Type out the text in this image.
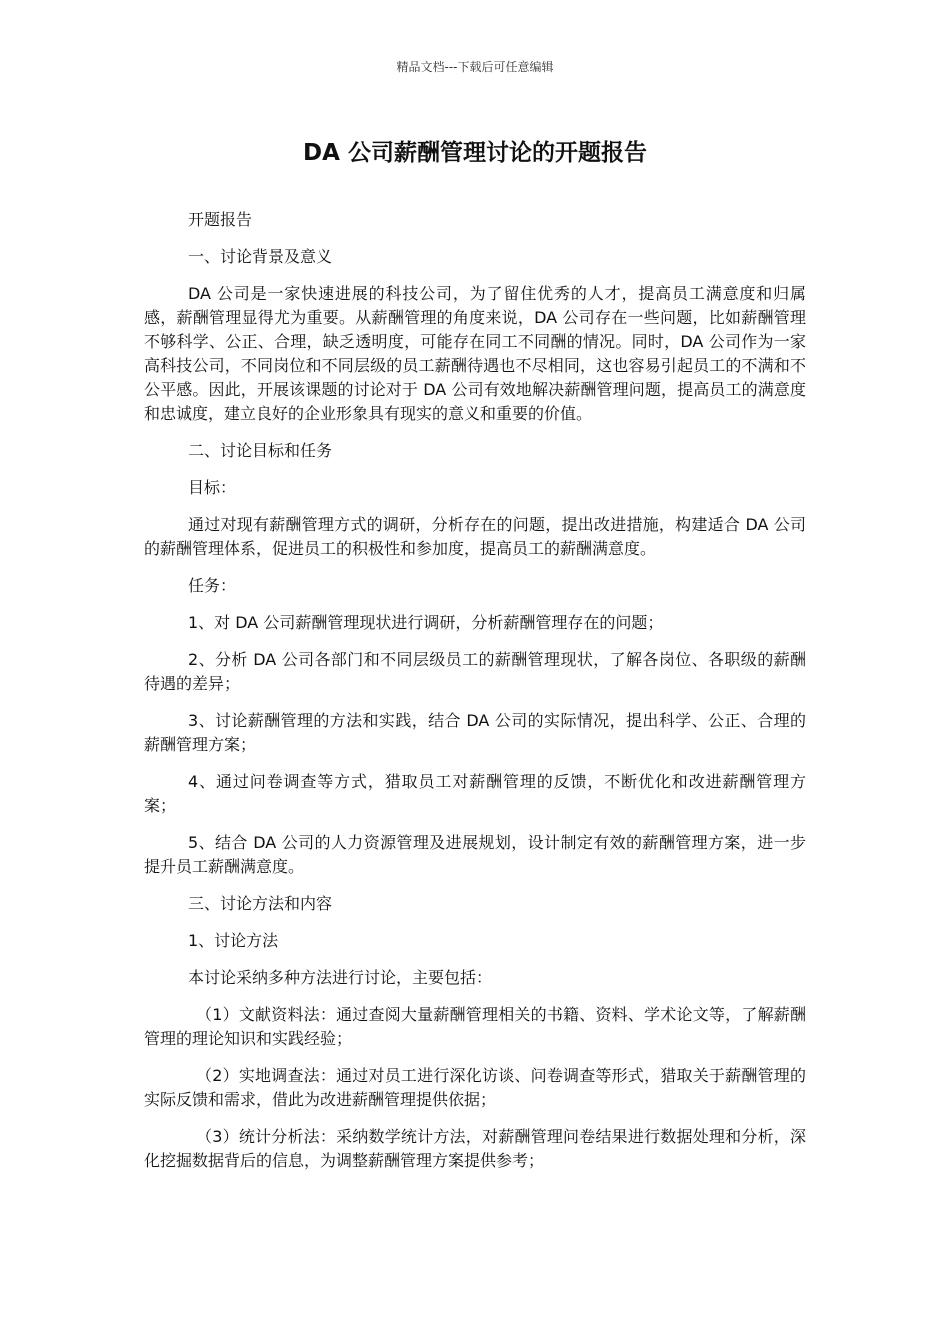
精品文档---下载后可任意编辑
DA 公司薪酬管理讨论的开题报告

开题报告

一、讨论背景及意义

DA 公司是一家快速进展的科技公司，为了留住优秀的人才，提高员工满意度和归属感，薪酬管理显得尤为重要。从薪酬管理的角度来说，DA 公司存在一些问题，比如薪酬管理不够科学、公正、合理，缺乏透明度，可能存在同工不同酬的情况。同时，DA 公司作为一家高科技公司，不同岗位和不同层级的员工薪酬待遇也不尽相同，这也容易引起员工的不满和不公平感。因此，开展该课题的讨论对于 DA 公司有效地解决薪酬管理问题，提高员工的满意度和忠诚度，建立良好的企业形象具有现实的意义和重要的价值。

二、讨论目标和任务

目标：

通过对现有薪酬管理方式的调研，分析存在的问题，提出改进措施，构建适合 DA 公司的薪酬管理体系，促进员工的积极性和参加度，提高员工的薪酬满意度。

任务：

1、对 DA 公司薪酬管理现状进行调研，分析薪酬管理存在的问题；

2、分析 DA 公司各部门和不同层级员工的薪酬管理现状，了解各岗位、各职级的薪酬待遇的差异；

3、讨论薪酬管理的方法和实践，结合 DA 公司的实际情况，提出科学、公正、合理的薪酬管理方案；

4、通过问卷调查等方式，猎取员工对薪酬管理的反馈，不断优化和改进薪酬管理方案；

5、结合 DA 公司的人力资源管理及进展规划，设计制定有效的薪酬管理方案，进一步提升员工薪酬满意度。

三、讨论方法和内容

1、讨论方法

本讨论采纳多种方法进行讨论，主要包括：

（1）文献资料法：通过查阅大量薪酬管理相关的书籍、资料、学术论文等，了解薪酬管理的理论知识和实践经验；

（2）实地调查法：通过对员工进行深化访谈、问卷调查等形式，猎取关于薪酬管理的实际反馈和需求，借此为改进薪酬管理提供依据；

（3）统计分析法：采纳数学统计方法，对薪酬管理问卷结果进行数据处理和分析，深化挖掘数据背后的信息，为调整薪酬管理方案提供参考；
